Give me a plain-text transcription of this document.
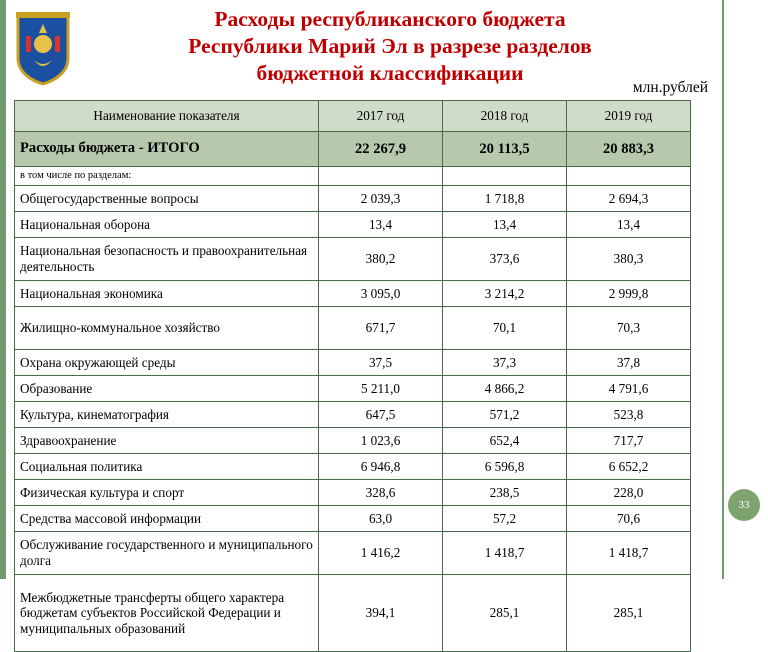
Расходы республиканского бюджета
Республики Марий Эл в разрезе разделов
бюджетной классификации
млн.рублей
Наименование показателя	2017 год	2018 год	2019 год
Расходы бюджета - ИТОГО	22 267,9	20 113,5	20 883,3
в том числе по разделам:			
Общегосударственные вопросы	2 039,3	1 718,8	2 694,3
Национальная оборона	13,4	13,4	13,4
Национальная безопасность и правоохранительная деятельность	380,2	373,6	380,3
Национальная экономика	3 095,0	3 214,2	2 999,8
Жилищно-коммунальное хозяйство	671,7	70,1	70,3
Охрана окружающей среды	37,5	37,3	37,8
Образование	5 211,0	4 866,2	4 791,6
Культура, кинематография	647,5	571,2	523,8
Здравоохранение	1 023,6	652,4	717,7
Социальная политика	6 946,8	6 596,8	6 652,2
Физическая культура и спорт	328,6	238,5	228,0
Средства массовой информации	63,0	57,2	70,6
Обслуживание государственного и муниципального долга	1 416,2	1 418,7	1 418,7
Межбюджетные трансферты общего характера бюджетам субъектов Российской Федерации и муниципальных образований	394,1	285,1	285,1
33
